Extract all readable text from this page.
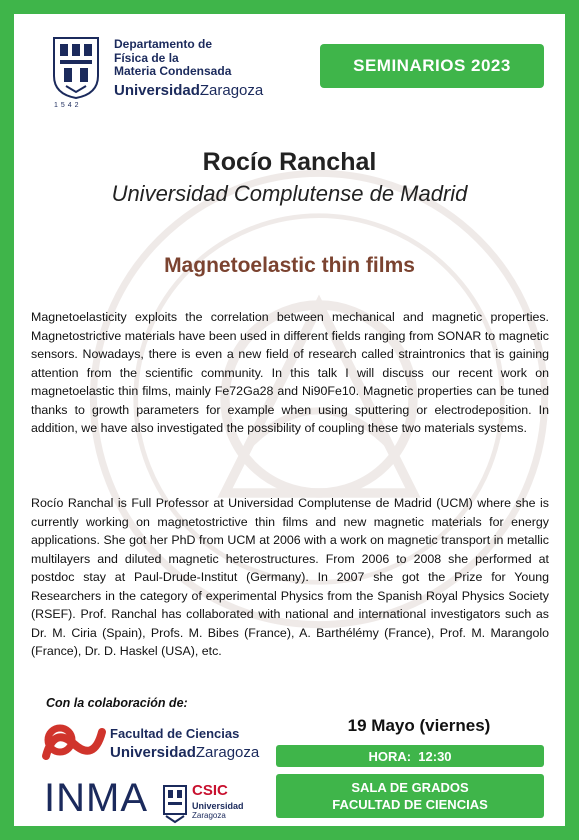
1542
Departamento de
Física de la
Materia Condensada
UniversidadZaragoza
SEMINARIOS 2023
Rocío Ranchal
Universidad Complutense de Madrid
Magnetoelastic thin films
Magnetoelasticity exploits the correlation between mechanical and magnetic properties. Magnetostrictive materials have been used in different fields ranging from SONAR to magnetic sensors. Nowadays, there is even a new field of research called straintronics that is gaining attention from the scientific community. In this talk I will discuss our recent work on magnetoelastic thin films, mainly Fe72Ga28 and Ni90Fe10. Magnetic properties can be tuned thanks to growth parameters for example when using sputtering or electrodeposition. In addition, we have also investigated the possibility of coupling these two materials systems.
Rocío Ranchal is Full Professor at Universidad Complutense de Madrid (UCM) where she is currently working on magnetostrictive thin films and new magnetic materials for energy applications. She got her PhD from UCM at 2006 with a work on magnetic transport in metallic multilayers and diluted magnetic heterostructures. From 2006 to 2008 she performed at postdoc stay at Paul-Drude-Institut (Germany). In 2007 she got the Prize for Young Researchers in the category of experimental Physics from the Spanish Royal Physics Society (RSEF). Prof. Ranchal has collaborated with national and international investigators such as Dr. M. Ciria (Spain), Profs. M. Bibes (France), A. Barthélémy (France), Prof. M. Marangolo (France), Dr. D. Haskel (USA), etc.
Con la colaboración de:
Facultad de Ciencias
UniversidadZaragoza
INMA	CSIC
Universidad
Zaragoza
19 Mayo (viernes)
HORA:  12:30
SALA DE GRADOS
FACULTAD DE CIENCIAS
